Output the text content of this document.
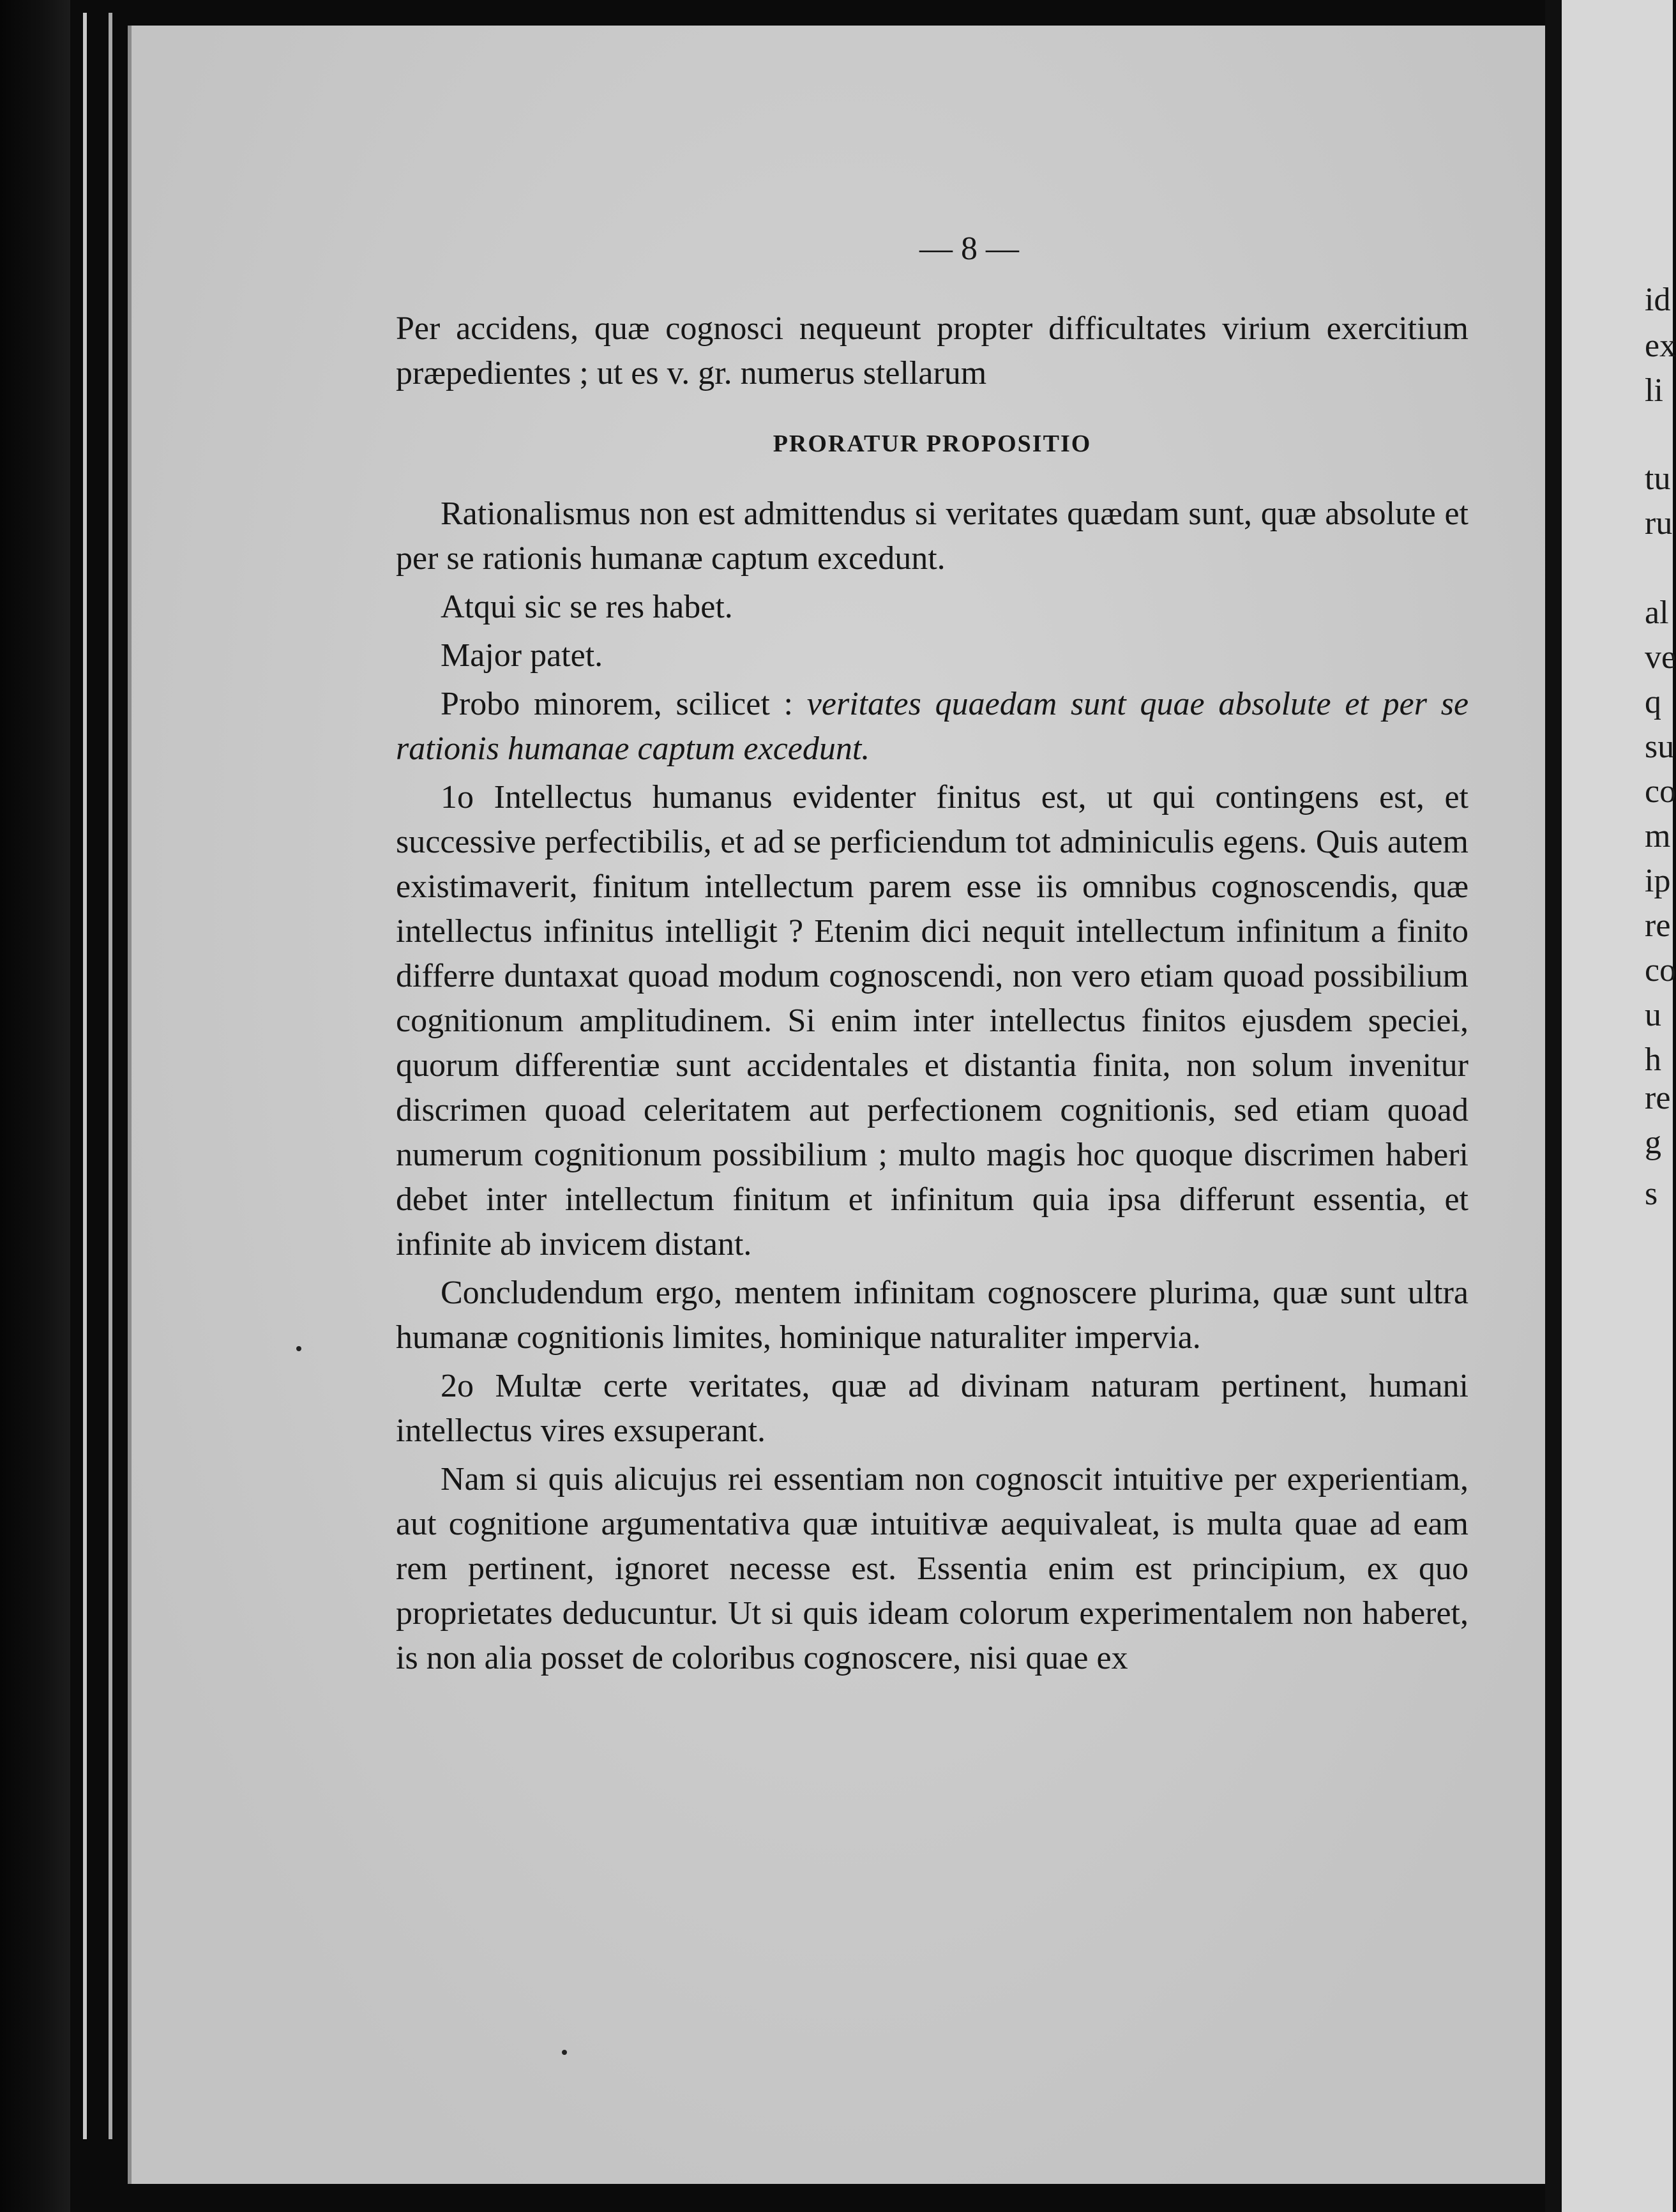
— 8 —

Per accidens, quæ cognosci nequeunt propter difficultates virium exercitium præpedientes ; ut es v. gr. numerus stellarum

PRORATUR PROPOSITIO

Rationalismus non est admittendus si veritates quædam sunt, quæ absolute et per se rationis humanæ captum excedunt.

Atqui sic se res habet.

Major patet.

Probo minorem, scilicet : veritates quaedam sunt quae absolute et per se rationis humanae captum excedunt.

1o Intellectus humanus evidenter finitus est, ut qui contingens est, et successive perfectibilis, et ad se perficiendum tot adminiculis egens. Quis autem existimaverit, finitum intellectum parem esse iis omnibus cognoscendis, quæ intellectus infinitus intelligit ? Etenim dici nequit intellectum infinitum a finito differre duntaxat quoad modum cognoscendi, non vero etiam quoad possibilium cognitionum amplitudinem. Si enim inter intellectus finitos ejusdem speciei, quorum differentiæ sunt accidentales et distantia finita, non solum invenitur discrimen quoad celeritatem aut perfectionem cognitionis, sed etiam quoad numerum cognitionum possibilium ; multo magis hoc quoque discrimen haberi debet inter intellectum finitum et infinitum quia ipsa differunt essentia, et infinite ab invicem distant.

Concludendum ergo, mentem infinitam cognoscere plurima, quæ sunt ultra humanæ cognitionis limites, hominique naturaliter impervia.

2o Multæ certe veritates, quæ ad divinam naturam pertinent, humani intellectus vires exsuperant.

Nam si quis alicujus rei essentiam non cognoscit intuitive per experientiam, aut cognitione argumentativa quæ intuitivæ aequivaleat, is multa quae ad eam rem pertinent, ignoret necesse est. Essentia enim est principium, ex quo proprietates deducuntur. Ut si quis ideam colorum experimentalem non haberet, is non alia posset de coloribus cognoscere, nisi quae ex

id
ex
li
tu
ru
al
ve
q
su
co
m
ip
re
co
u
h
re
g
s
